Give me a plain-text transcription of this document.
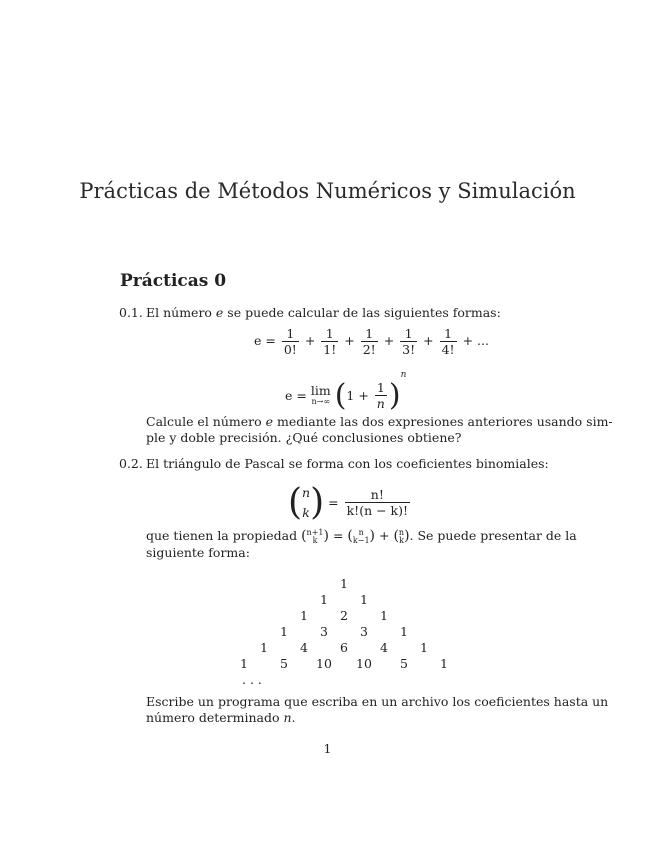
Prácticas de Métodos Numéricos y Simulación
Prácticas 0
0.1. El número e se puede calcular de las siguientes formas:
$e = \frac{1}{0!} + \frac{1}{1!} + \frac{1}{2!} + \frac{1}{3!} + \frac{1}{4!}$ + ...
e = lim
n→∞ $(1 + \frac{1}{n} )^n$
Calcule el número e mediante las dos expresiones anteriores usando sim-
ple y doble precisión. ¿Qué conclusiones obtiene?
0.2. El triángulo de Pascal se forma con los coeficientes binomiales:
( n
k ) = $\frac{n!}{k!(n - k)!}$
que tienen la propiedad ( n+1
k ) = ( n
k−1 ) + ( n
k ). Se puede presentar de la
siguiente forma:
1
1	1
1	2	1
1	3	3	1
1	4	6	4	1
1	5	10 10	5	1
. . .
Escribe un programa que escriba en un archivo los coeficientes hasta un
número determinado n.
1
